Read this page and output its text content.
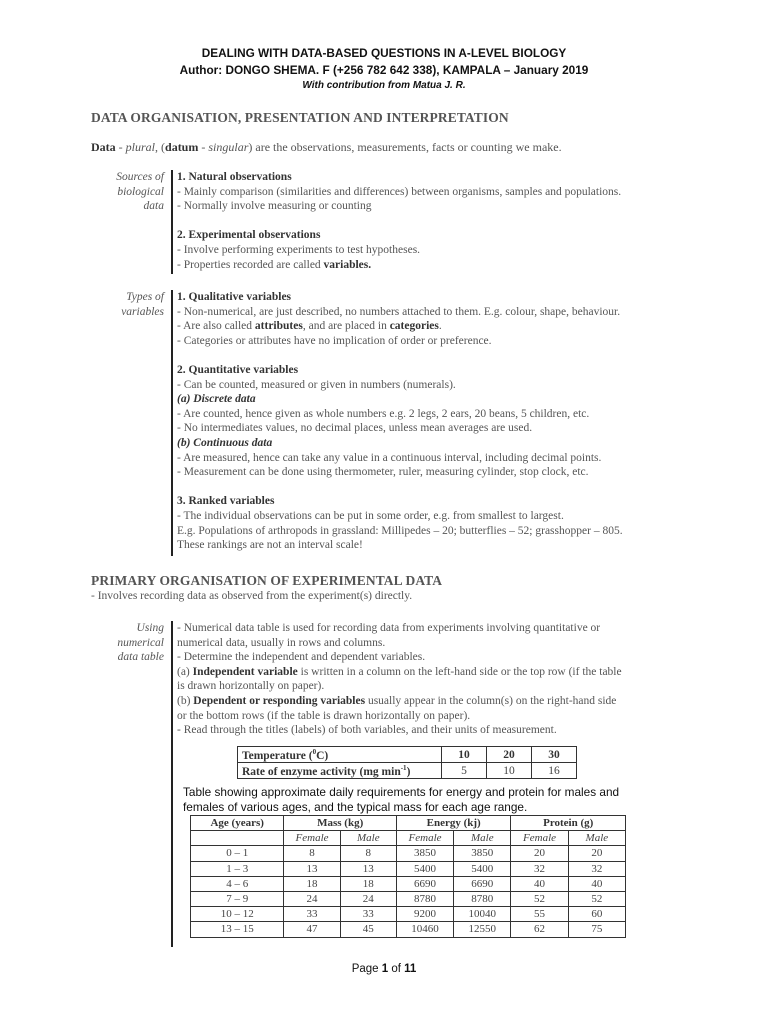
DEALING WITH DATA-BASED QUESTIONS IN A-LEVEL BIOLOGY
Author: DONGO SHEMA. F (+256 782 642 338), KAMPALA – January 2019
With contribution from Matua J. R.
DATA ORGANISATION, PRESENTATION AND INTERPRETATION
Data - plural, (datum - singular) are the observations, measurements, facts or counting we make.
Sources of
biological
data
1. Natural observations
- Mainly comparison (similarities and differences) between organisms, samples and populations.
- Normally involve measuring or counting
2. Experimental observations
- Involve performing experiments to test hypotheses.
- Properties recorded are called variables.
Types of
variables
1. Qualitative variables
- Non-numerical, are just described, no numbers attached to them. E.g. colour, shape, behaviour.
- Are also called attributes, and are placed in categories.
- Categories or attributes have no implication of order or preference.
2. Quantitative variables
- Can be counted, measured or given in numbers (numerals).
(a) Discrete data
- Are counted, hence given as whole numbers e.g. 2 legs, 2 ears, 20 beans, 5 children, etc.
- No intermediates values, no decimal places, unless mean averages are used.
(b) Continuous data
- Are measured, hence can take any value in a continuous interval, including decimal points.
- Measurement can be done using thermometer, ruler, measuring cylinder, stop clock, etc.
3. Ranked variables
- The individual observations can be put in some order, e.g. from smallest to largest.
E.g. Populations of arthropods in grassland: Millipedes – 20; butterflies – 52; grasshopper – 805.
These rankings are not an interval scale!
PRIMARY ORGANISATION OF EXPERIMENTAL DATA
- Involves recording data as observed from the experiment(s) directly.
Using
numerical
data table
- Numerical data table is used for recording data from experiments involving quantitative or
numerical data, usually in rows and columns.
- Determine the independent and dependent variables.
(a) Independent variable is written in a column on the left-hand side or the top row (if the table
is drawn horizontally on paper).
(b) Dependent or responding variables usually appear in the column(s) on the right-hand side
or the bottom rows (if the table is drawn horizontally on paper).
- Read through the titles (labels) of both variables, and their units of measurement.
Temperature ($^0$C)	10	20	30
Rate of enzyme activity (mg $\min^{-1}$)	5	10	16
Table showing approximate daily requirements for energy and protein for males and
females of various ages, and the typical mass for each age range.
Age (years)	Mass (kg)		Energy (kj)		Protein (g)	
	Female	Male	Female	Male	Female	Male
0 – 1	8	8	3850	3850	20	20
1 – 3	13	13	5400	5400	32	32
4 – 6	18	18	6690	6690	40	40
7 – 9	24	24	8780	8780	52	52
10 – 12	33	33	9200	10040	55	60
13 – 15	47	45	10460	12550	62	75
Page 1 of 11
